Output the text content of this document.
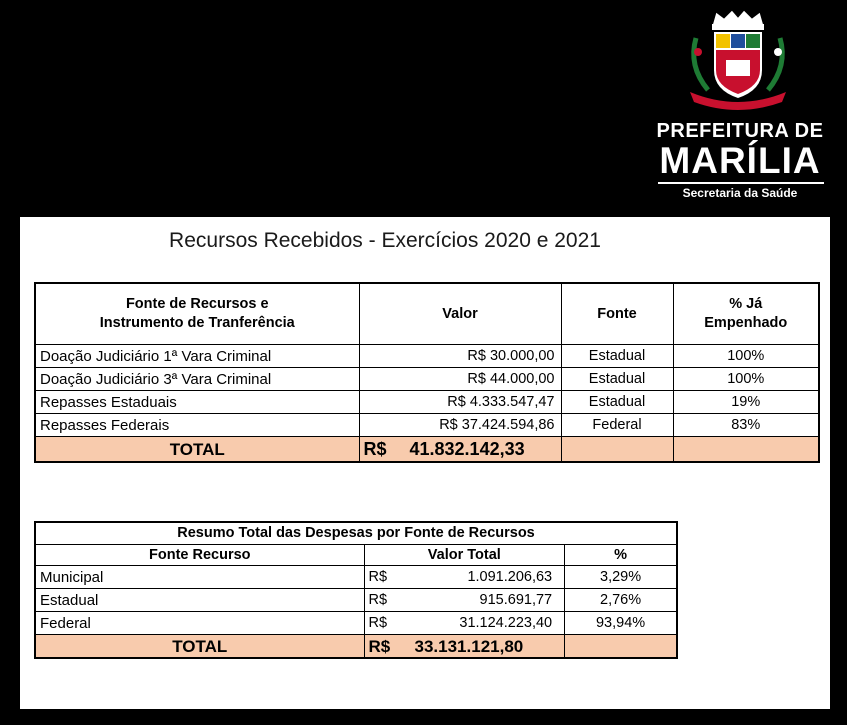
PREFEITURA DE
MARÍLIA
Secretaria da Saúde
Recursos Recebidos - Exercícios 2020 e 2021
Fonte de Recursos e
Instrumento de Tranferência	Valor	Fonte	% Já
Empenhado
Doação Judiciário 1ª Vara Criminal	R$ 30.000,00	Estadual	100%
Doação Judiciário 3ª Vara Criminal	R$ 44.000,00	Estadual	100%
Repasses Estaduais	R$ 4.333.547,47	Estadual	19%
Repasses Federais	R$ 37.424.594,86	Federal	83%
TOTAL	R$ 41.832.142,33		
Resumo Total das Despesas por Fonte de Recursos		
Fonte Recurso	Valor Total	%
Municipal	R$ 1.091.206,63	3,29%
Estadual	R$ 915.691,77	2,76%
Federal	R$ 31.124.223,40	93,94%
TOTAL	R$ 33.131.121,80	
